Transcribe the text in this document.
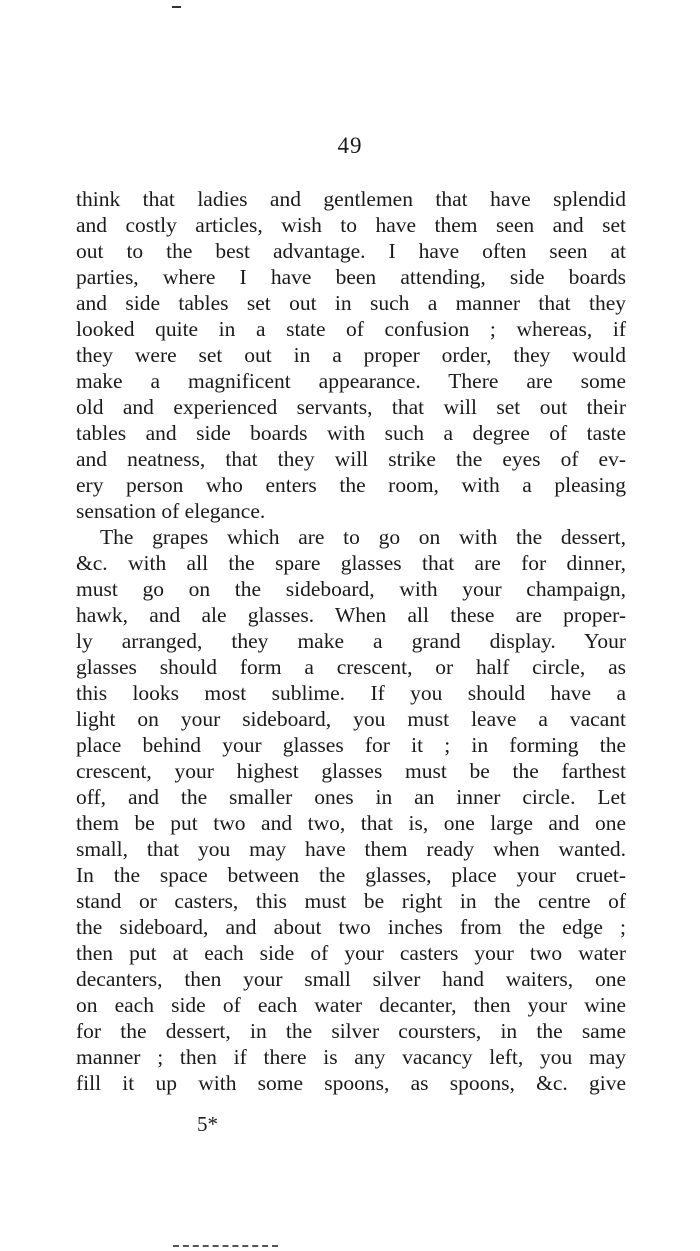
49
think that ladies and gentlemen that have splendid
and costly articles, wish to have them seen and set
out to the best advantage. I have often seen at
parties, where I have been attending, side boards
and side tables set out in such a manner that they
looked quite in a state of confusion ; whereas, if
they were set out in a proper order, they would
make a magnificent appearance. There are some
old and experienced servants, that will set out their
tables and side boards with such a degree of taste
and neatness, that they will strike the eyes of ev-
ery person who enters the room, with a pleasing
sensation of elegance.
The grapes which are to go on with the dessert,
&c. with all the spare glasses that are for dinner,
must go on the sideboard, with your champaign,
hawk, and ale glasses. When all these are proper-
ly arranged, they make a grand display. Your
glasses should form a crescent, or half circle, as
this looks most sublime. If you should have a
light on your sideboard, you must leave a vacant
place behind your glasses for it ; in forming the
crescent, your highest glasses must be the farthest
off, and the smaller ones in an inner circle. Let
them be put two and two, that is, one large and one
small, that you may have them ready when wanted.
In the space between the glasses, place your cruet-
stand or casters, this must be right in the centre of
the sideboard, and about two inches from the edge ;
then put at each side of your casters your two water
decanters, then your small silver hand waiters, one
on each side of each water decanter, then your wine
for the dessert, in the silver coursters, in the same
manner ; then if there is any vacancy left, you may
fill it up with some spoons, as spoons, &c. give
5*
